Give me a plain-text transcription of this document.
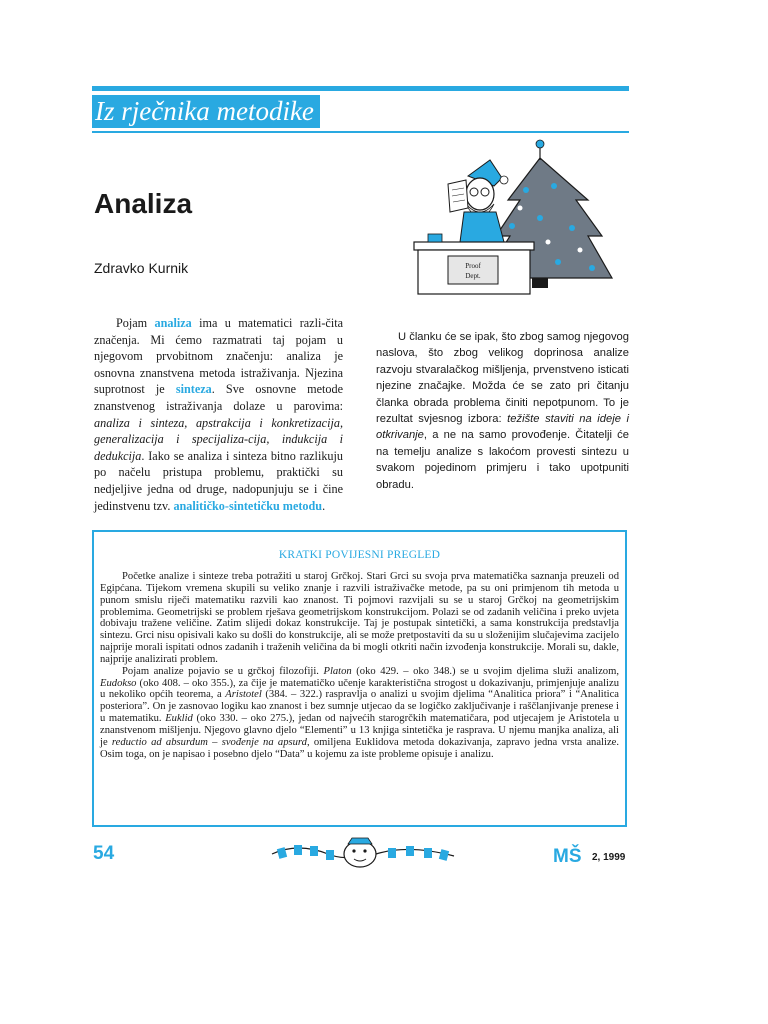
Iz rječnika metodike
Analiza
Zdravko Kurnik	Proof
Dept.

Pojam analiza ima u matematici razli-čita značenja. Mi ćemo razmatrati taj pojam u njegovom prvobitnom značenju: analiza je osnovna znanstvena metoda istraživanja. Njezina suprotnost je sinteza. Sve osnovne metode znanstvenog istraživanja dolaze u parovima: analiza i sinteza, apstrakcija i konkretizacija, generalizacija i specijaliza-cija, indukcija i dedukcija. Iako se analiza i sinteza bitno razlikuju po načelu pristupa problemu, praktički su nedjeljive jedna od druge, nadopunjuju se i čine jedinstvenu tzv. analitičko-sintetičku metodu.

U članku će se ipak, što zbog samog njegovog naslova, što zbog velikog doprinosa analize razvoju stvaralačkog mišljenja, prvenstveno isticati njezine značajke. Možda će se zato pri čitanju članka obrada problema činiti nepotpunom. To je rezultat svjesnog izbora: težište staviti na ideje i otkrivanje, a ne na samo provođenje. Čitatelji će na temelju analize s lakoćom provesti sintezu u svakom pojedinom primjeru i tako upotpuniti obradu.

KRATKI POVIJESNI PREGLED

Početke analize i sinteze treba potražiti u staroj Grčkoj. Stari Grci su svoja prva matematička saznanja preuzeli od Egipćana. Tijekom vremena skupili su veliko znanje i razvili istraživačke metode, pa su oni primjenom tih metoda u punom smislu riječi matematiku razvili kao znanost. Ti pojmovi razvijali su se u staroj Grčkoj na geometrijskim problemima. Geometrijski se problem rješava geometrijskom konstrukcijom. Polazi se od zadanih veličina i preko uvjeta dobivaju tražene veličine. Zatim slijedi dokaz konstrukcije. Taj je postupak sintetički, a sama konstrukcija predstavlja sintezu. Grci nisu opisivali kako su došli do konstrukcije, ali se može pretpostaviti da su u složenijim slučajevima zacijelo najprije morali ispitati odnos zadanih i traženih veličina da bi mogli otkriti način izvođenja konstrukcije. Morali su, dakle, najprije analizirati problem.

Pojam analize pojavio se u grčkoj filozofiji. Platon (oko 429. – oko 348.) se u svojim djelima služi analizom, Eudokso (oko 408. – oko 355.), za čije je matematičko učenje karakteristična strogost u dokazivanju, primjenjuje analizu u nekoliko općih teorema, a Aristotel (384. – 322.) raspravlja o analizi u svojim djelima “Analitica priora” i “Analitica posteriora”. On je zasnovao logiku kao znanost i bez sumnje utjecao da se logičko zaključivanje i raščlanjivanje prenese i u matematiku. Euklid (oko 330. – oko 275.), jedan od najvećih starogrčkih matematičara, pod utjecajem je Aristotela u znanstvenom mišljenju. Njegovo glavno djelo “Elementi” u 13 knjiga sintetička je rasprava. U njemu manjka analiza, ali je reductio ad absurdum – svođenje na apsurd, omiljena Euklidova metoda dokazivanja, zapravo jedna vrsta analize. Osim toga, on je napisao i posebno djelo “Data” u kojemu za iste probleme opisuje i analizu.

54	MŠ 2, 1999
